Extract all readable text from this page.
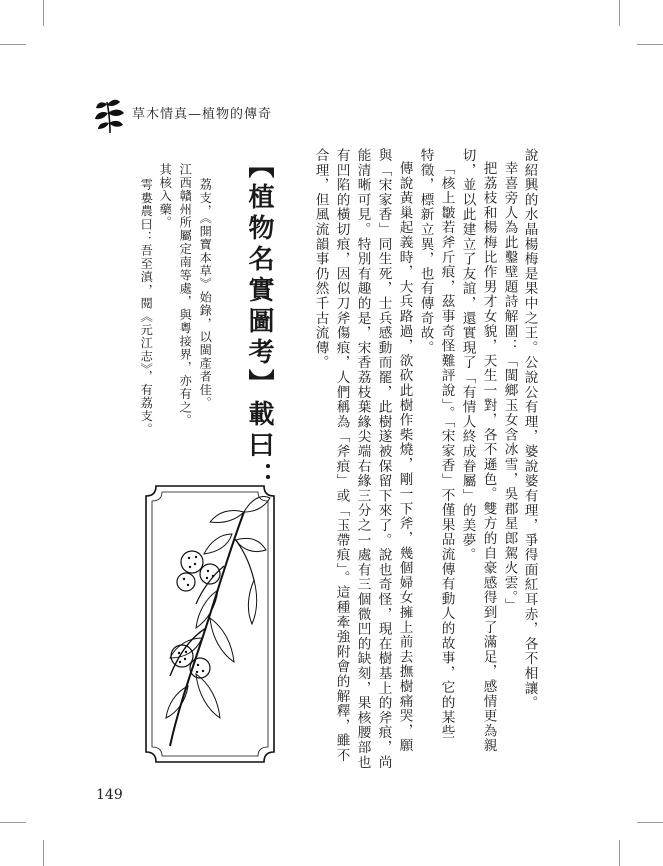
草木情真—植物的傳奇
說紹興的水晶楊梅是果中之王。公說公有理，婆說婆有理，爭得面紅耳赤，各不相讓。
幸喜旁人為此鑿壁題詩解圍：「閩鄉玉女含冰雪，吳郡星郎駕火雲。」
把荔枝和楊梅比作男才女貌，天生一對，各不遜色。雙方的自豪感得到了滿足，感情更為親
切，並以此建立了友誼，還實現了「有情人終成眷屬」的美夢。
「核上皺若斧斤痕，茲事奇怪難評說」。「宋家香」不僅果品流傳有動人的故事，它的某些
特徵，標新立異，也有傳奇故。
傳說黃巢起義時，大兵路過，欲砍此樹作柴燒，剛一下斧，幾個婦女擁上前去撫樹痛哭，願
與「宋家香」同生死，士兵感動而罷，此樹遂被保留下來了。說也奇怪，現在樹基上的斧痕，尚
能清晰可見。特別有趣的是，宋香荔枝葉緣尖端右緣三分之一處有三個微凹的缺刻，果核腰部也
有凹陷的橫切痕，因似刀斧傷痕，人們稱為「斧痕」或「玉帶痕」。這種牽強附會的解釋，雖不
合理，但風流韻事仍然千古流傳。
【植物名實圖考】載曰：
荔支，《開寶本草》始錄，以閩產者佳。
江西贛州所屬定南等處，與粵接界，亦有之。
其核入藥。
雩婁農曰：吾至滇，閱《元江志》，有荔支。
149
